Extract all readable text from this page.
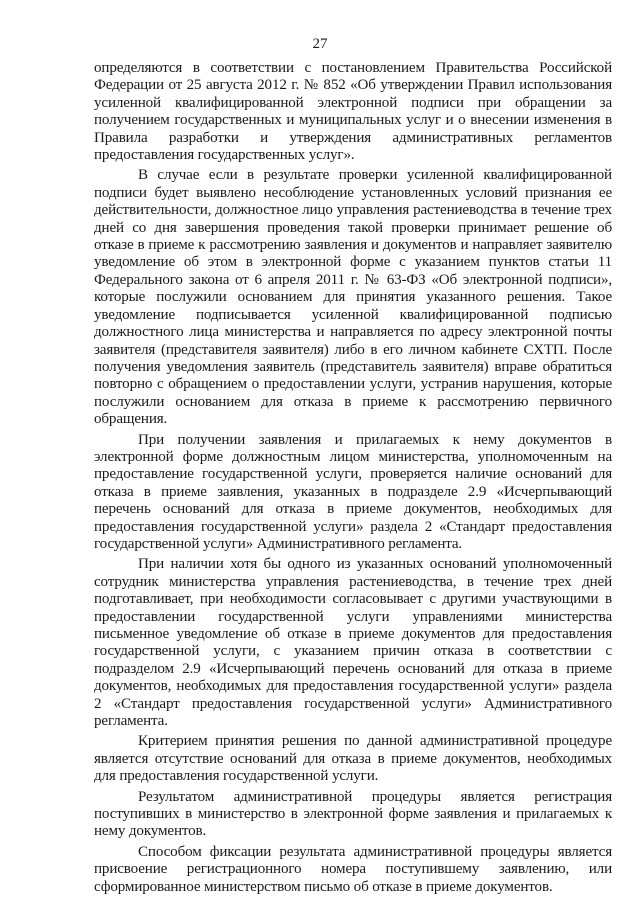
27

определяются в соответствии с постановлением Правительства Российской Федерации от 25 августа 2012 г. № 852 «Об утверждении Правил использования усиленной квалифицированной электронной подписи при обращении за получением государственных и муниципальных услуг и о внесении изменения в Правила разработки и утверждения административных регламентов предоставления государственных услуг».

В случае если в результате проверки усиленной квалифицированной подписи будет выявлено несоблюдение установленных условий признания ее действительности, должностное лицо управления растениеводства в течение трех дней со дня завершения проведения такой проверки принимает решение об отказе в приеме к рассмотрению заявления и документов и направляет заявителю уведомление об этом в электронной форме с указанием пунктов статьи 11 Федерального закона от 6 апреля 2011 г. № 63-ФЗ «Об электронной подписи», которые послужили основанием для принятия указанного решения. Такое уведомление подписывается усиленной квалифицированной подписью должностного лица министерства и направляется по адресу электронной почты заявителя (представителя заявителя) либо в его личном кабинете СХТП. После получения уведомления заявитель (представитель заявителя) вправе обратиться повторно с обращением о предоставлении услуги, устранив нарушения, которые послужили основанием для отказа в приеме к рассмотрению первичного обращения.

При получении заявления и прилагаемых к нему документов в электронной форме должностным лицом министерства, уполномоченным на предоставление государственной услуги, проверяется наличие оснований для отказа в приеме заявления, указанных в подразделе 2.9 «Исчерпывающий перечень оснований для отказа в приеме документов, необходимых для предоставления государственной услуги» раздела 2 «Стандарт предоставления государственной услуги» Административного регламента.

При наличии хотя бы одного из указанных оснований уполномоченный сотрудник министерства управления растениеводства, в течение трех дней подготавливает, при необходимости согласовывает с другими участвующими в предоставлении государственной услуги управлениями министерства письменное уведомление об отказе в приеме документов для предоставления государственной услуги, с указанием причин отказа в соответствии с подразделом 2.9 «Исчерпывающий перечень оснований для отказа в приеме документов, необходимых для предоставления государственной услуги» раздела 2 «Стандарт предоставления государственной услуги» Административного регламента.

Критерием принятия решения по данной административной процедуре является отсутствие оснований для отказа в приеме документов, необходимых для предоставления государственной услуги.

Результатом административной процедуры является регистрация поступивших в министерство в электронной форме заявления и прилагаемых к нему документов.

Способом фиксации результата административной процедуры является присвоение регистрационного номера поступившему заявлению, или сформированное министерством письмо об отказе в приеме документов.
